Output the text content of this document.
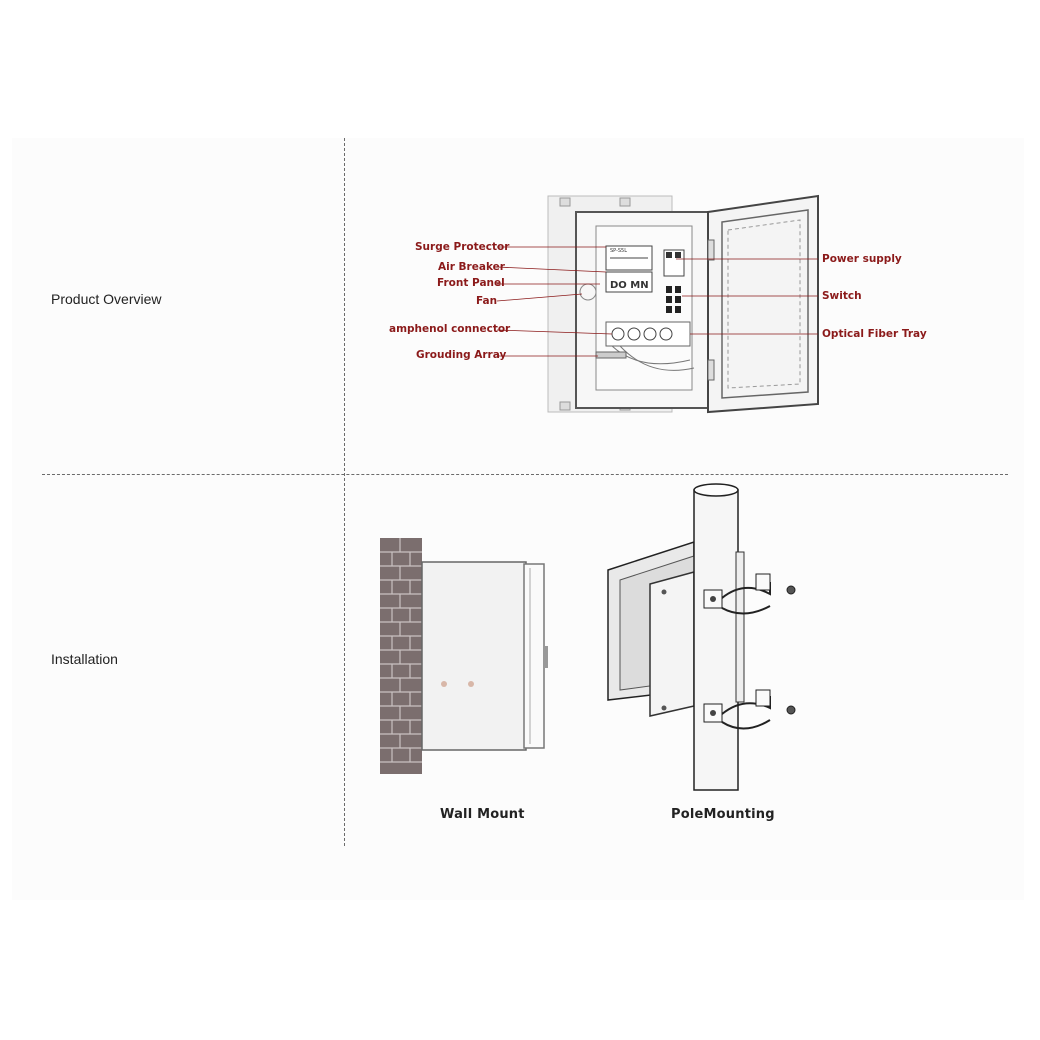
Product Overview
Installation
SP-S5L
DO MN
Surge Protector
Air Breaker
Front Panel
Fan
amphenol connector
Grouding Array
Power supply
Switch
Optical Fiber Tray
Wall Mount	PoleMounting
